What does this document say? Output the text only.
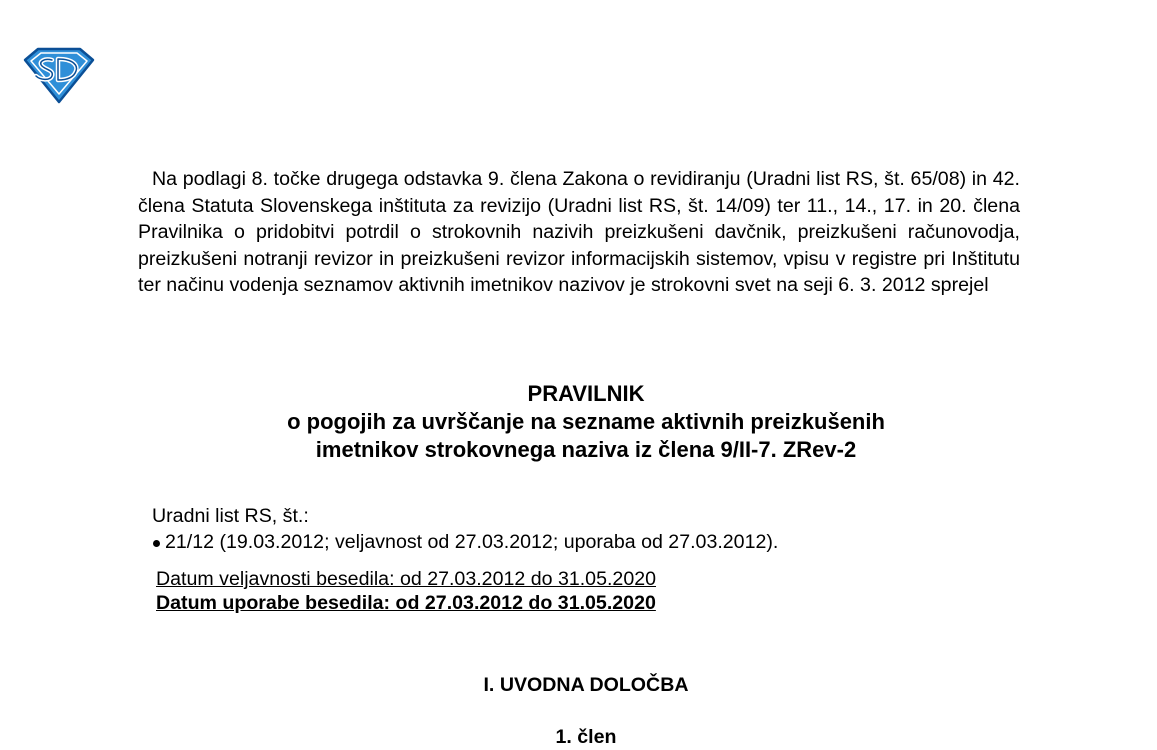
Na podlagi 8. točke drugega odstavka 9. člena Zakona o revidiranju (Uradni list RS, št. 65/08) in 42. člena Statuta Slovenskega inštituta za revizijo (Uradni list RS, št. 14/09) ter 11., 14., 17. in 20. člena Pravilnika o pridobitvi potrdil o strokovnih nazivih preizkušeni davčnik, preizkušeni računovodja, preizkušeni notranji revizor in preizkušeni revizor informacijskih sistemov, vpisu v registre pri Inštitutu ter načinu vodenja seznamov aktivnih imetnikov nazivov je strokovni svet na seji 6. 3. 2012 sprejel

PRAVILNIK
o pogojih za uvrščanje na sezname aktivnih preizkušenih
imetnikov strokovnega naziva iz člena 9/II-7. ZRev-2
Uradni list RS, št.:
21/12 (19.03.2012; veljavnost od 27.03.2012; uporaba od 27.03.2012).
Datum veljavnosti besedila: od 27.03.2012 do 31.05.2020
Datum uporabe besedila: od 27.03.2012 do 31.05.2020
I. UVODNA DOLOČBA
1. člen
